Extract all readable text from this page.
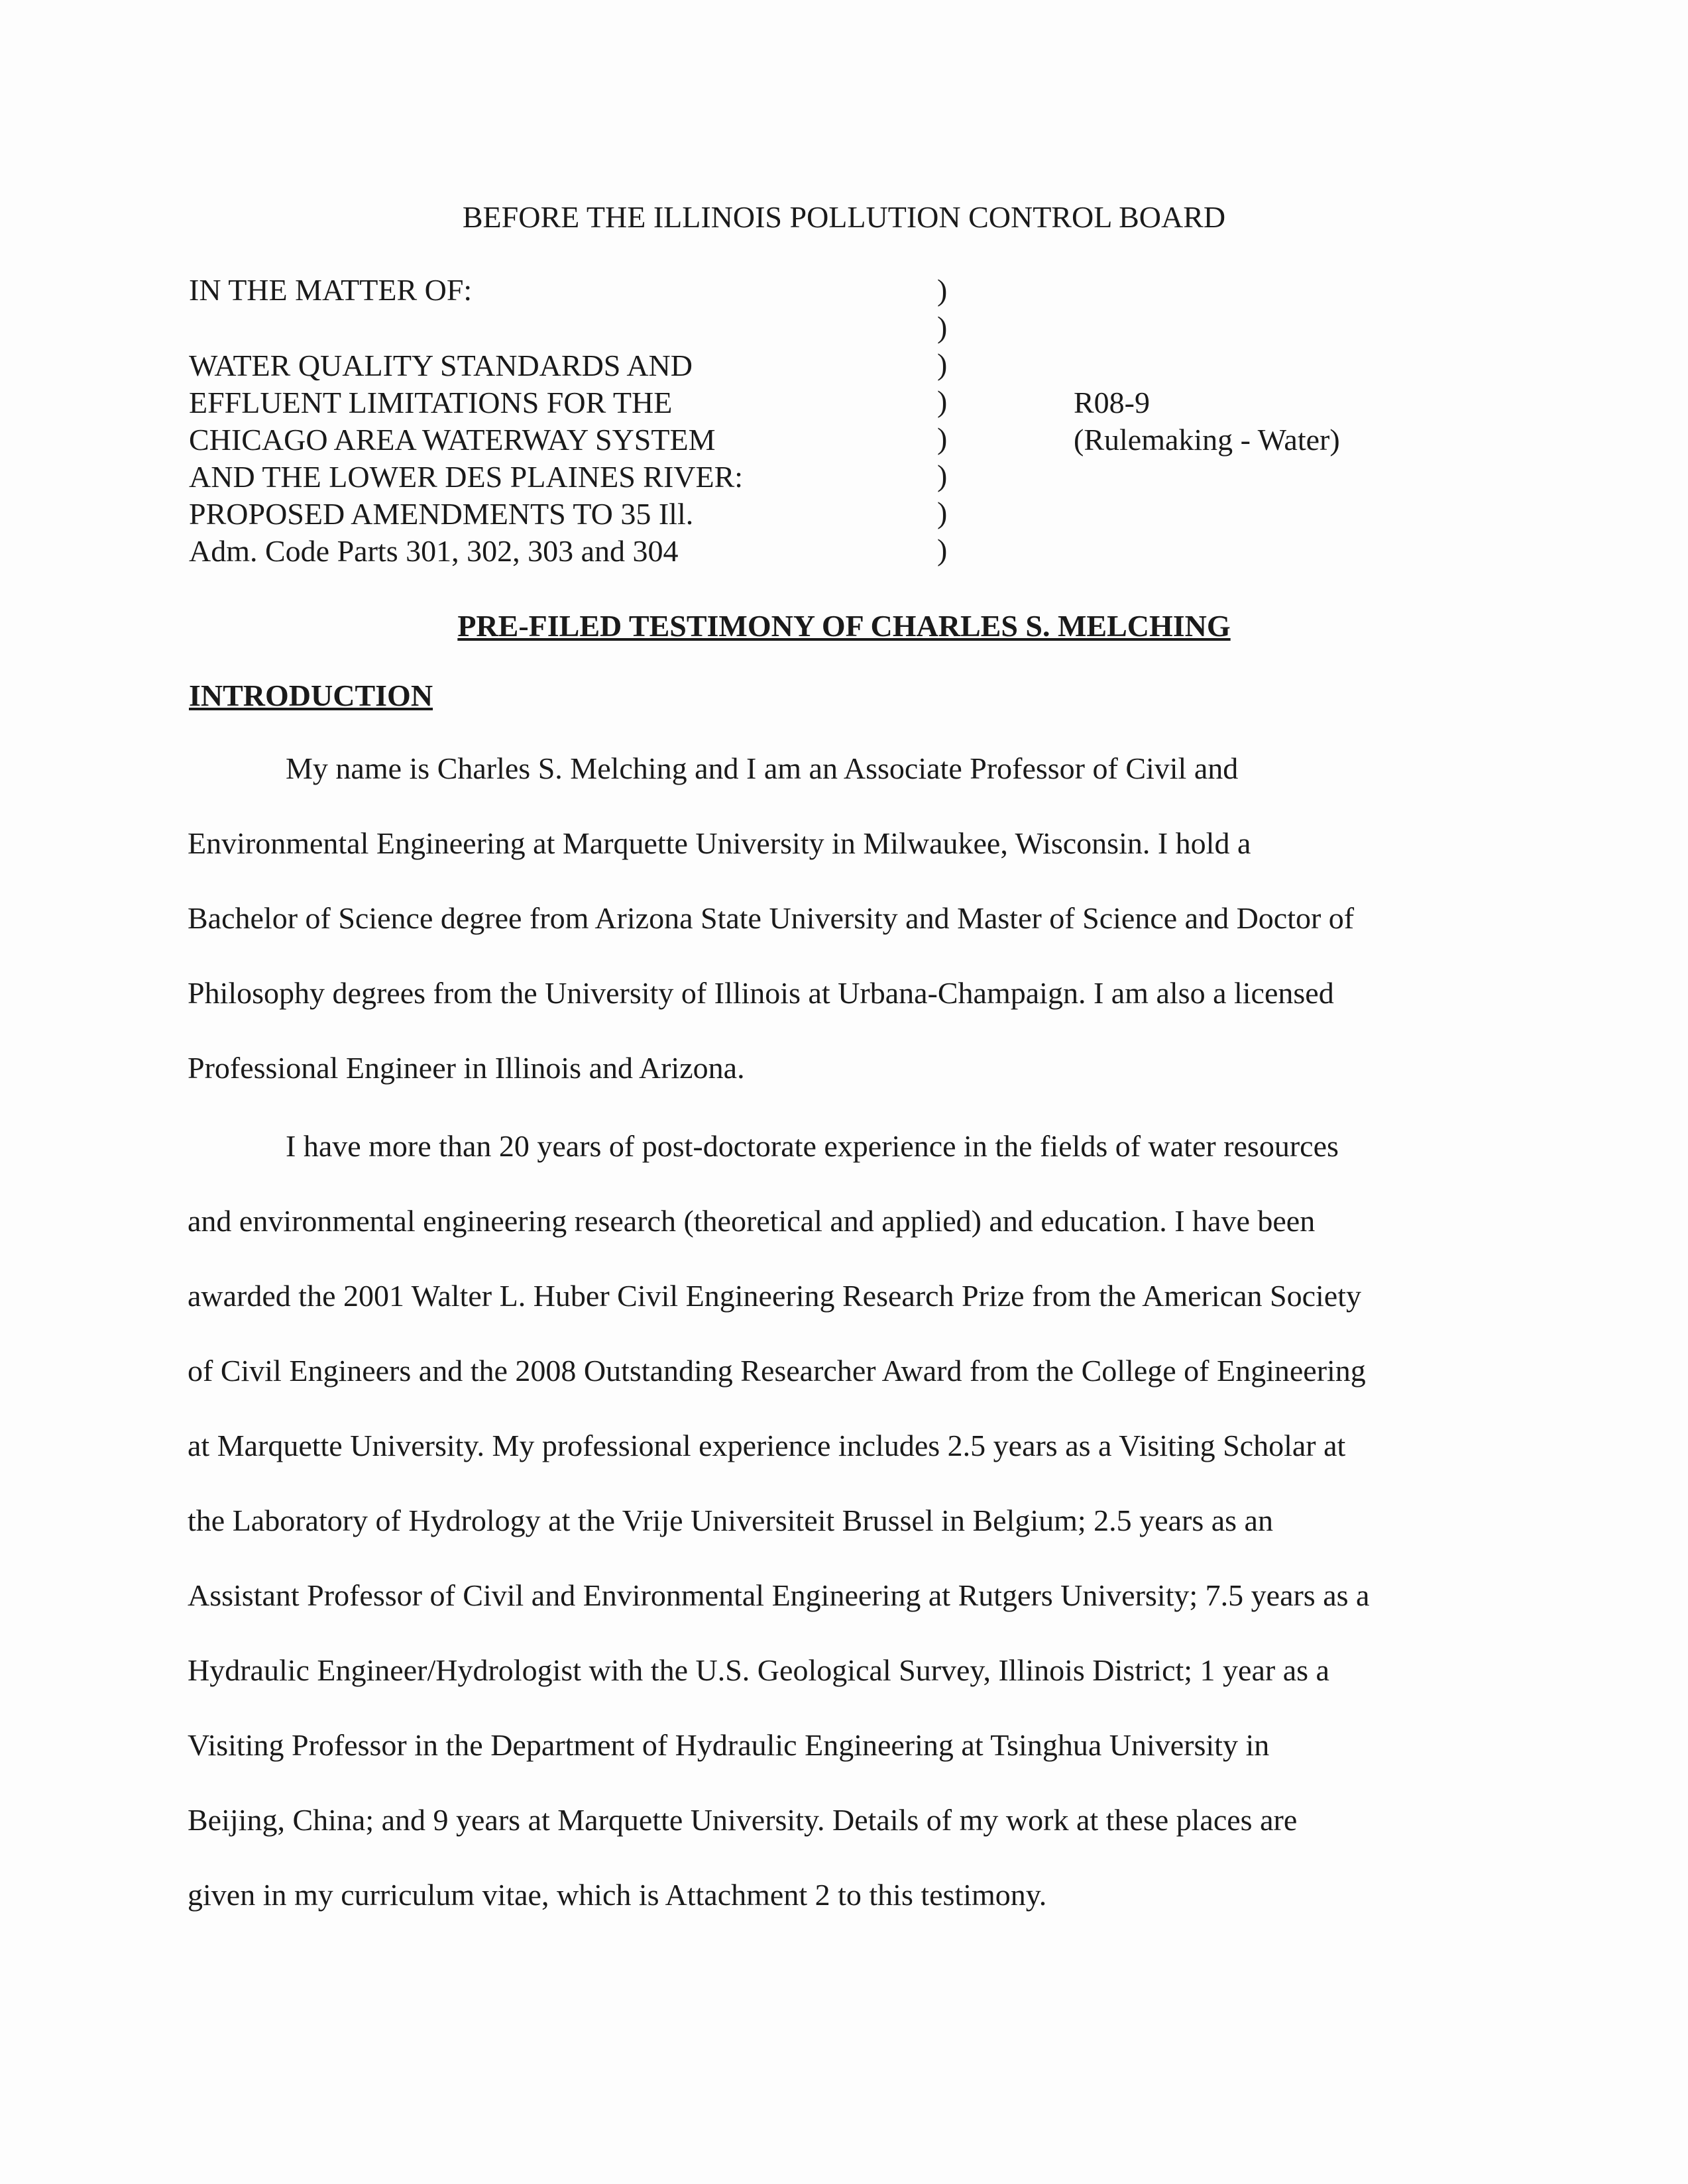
BEFORE THE ILLINOIS POLLUTION CONTROL BOARD
IN THE MATTER OF:
WATER QUALITY STANDARDS AND
EFFLUENT LIMITATIONS FOR THE
CHICAGO AREA WATERWAY SYSTEM
AND THE LOWER DES PLAINES RIVER:
PROPOSED AMENDMENTS TO 35 Ill.
Adm. Code Parts 301, 302, 303 and 304
)
)
)
)
)
)
)
)
R08-9
(Rulemaking - Water)
PRE-FILED TESTIMONY OF CHARLES S. MELCHING
INTRODUCTION
My name is Charles S. Melching and I am an Associate Professor of Civil and
Environmental Engineering at Marquette University in Milwaukee, Wisconsin. I hold a
Bachelor of Science degree from Arizona State University and Master of Science and Doctor of
Philosophy degrees from the University of Illinois at Urbana-Champaign. I am also a licensed
Professional Engineer in Illinois and Arizona.
I have more than 20 years of post-doctorate experience in the fields of water resources
and environmental engineering research (theoretical and applied) and education. I have been
awarded the 2001 Walter L. Huber Civil Engineering Research Prize from the American Society
of Civil Engineers and the 2008 Outstanding Researcher Award from the College of Engineering
at Marquette University. My professional experience includes 2.5 years as a Visiting Scholar at
the Laboratory of Hydrology at the Vrije Universiteit Brussel in Belgium; 2.5 years as an
Assistant Professor of Civil and Environmental Engineering at Rutgers University; 7.5 years as a
Hydraulic Engineer/Hydrologist with the U.S. Geological Survey, Illinois District; 1 year as a
Visiting Professor in the Department of Hydraulic Engineering at Tsinghua University in
Beijing, China; and 9 years at Marquette University. Details of my work at these places are
given in my curriculum vitae, which is Attachment 2 to this testimony.
